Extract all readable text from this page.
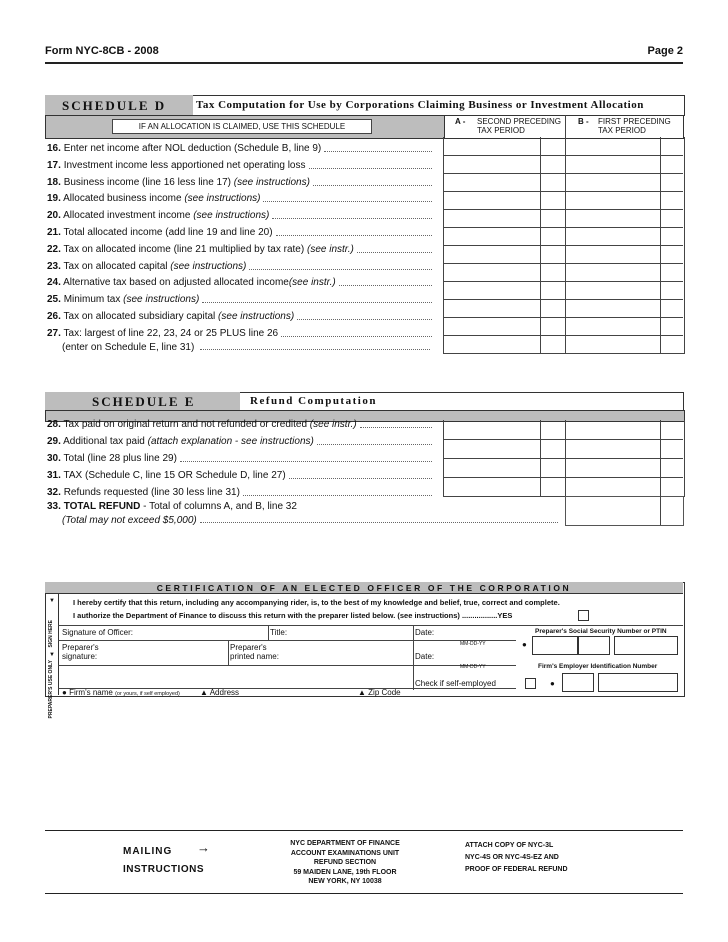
Form NYC-8CB - 2008	Page 2
SCHEDULE D	Tax Computation for Use by Corporations Claiming Business or Investment Allocation
IF AN ALLOCATION IS CLAIMED, USE THIS SCHEDULE
A - SECOND PRECEDING
TAX PERIOD
B - FIRST PRECEDING
TAX PERIOD
16. Enter net income after NOL deduction (Schedule B, line 9)
17. Investment income less apportioned net operating loss
18. Business income (line 16 less line 17) (see instructions)
19. Allocated business income (see instructions)
20. Allocated investment income (see instructions)
21. Total allocated income (add line 19 and line 20)
22. Tax on allocated income (line 21 multiplied by tax rate) (see instr.)
23. Tax on allocated capital (see instructions)
24. Alternative tax based on adjusted allocated income(see instr.)
25. Minimum tax (see instructions)
26. Tax on allocated subsidiary capital (see instructions)
27. Tax: largest of line 22, 23, 24 or 25 PLUS line 26
(enter on Schedule E, line 31)
SCHEDULE E	Refund Computation
28. Tax paid on original return and not refunded or credited (see instr.)
29. Additional tax paid (attach explanation - see instructions)
30. Total (line 28 plus line 29)
31. TAX (Schedule C, line 15 OR Schedule D, line 27)
32. Refunds requested (line 30 less line 31)
33. TOTAL REFUND - Total of columns A, and B, line 32
(Total may not exceed $5,000)
CERTIFICATION OF AN ELECTED OFFICER OF THE CORPORATION
SIGN HERE
PREPARER'S USE ONLY
▼
▼
I hereby certify that this return, including any accompanying rider, is, to the best of my knowledge and belief, true, correct and complete.
I authorize the Department of Finance to discuss this return with the preparer listed below. (see instructions) .................YES
Signature of Officer:	Title:	Date:	Preparer's Social Security Number or PTIN
MM-DD-YY
Preparer's
signature:
Preparer's
printed name:	Date:
MM-DD-YY	Firm's Employer Identification Number
Check if self-employed
● Firm's name (or yours, if self employed)	▲ Address	▲ Zip Code
●
●
MAILING
INSTRUCTIONS
→	NYC DEPARTMENT OF FINANCE
ACCOUNT EXAMINATIONS UNIT
REFUND SECTION
59 MAIDEN LANE, 19th FLOOR
NEW YORK, NY 10038
ATTACH COPY OF NYC-3L
NYC-4S OR NYC-4S-EZ AND
PROOF OF FEDERAL REFUND
